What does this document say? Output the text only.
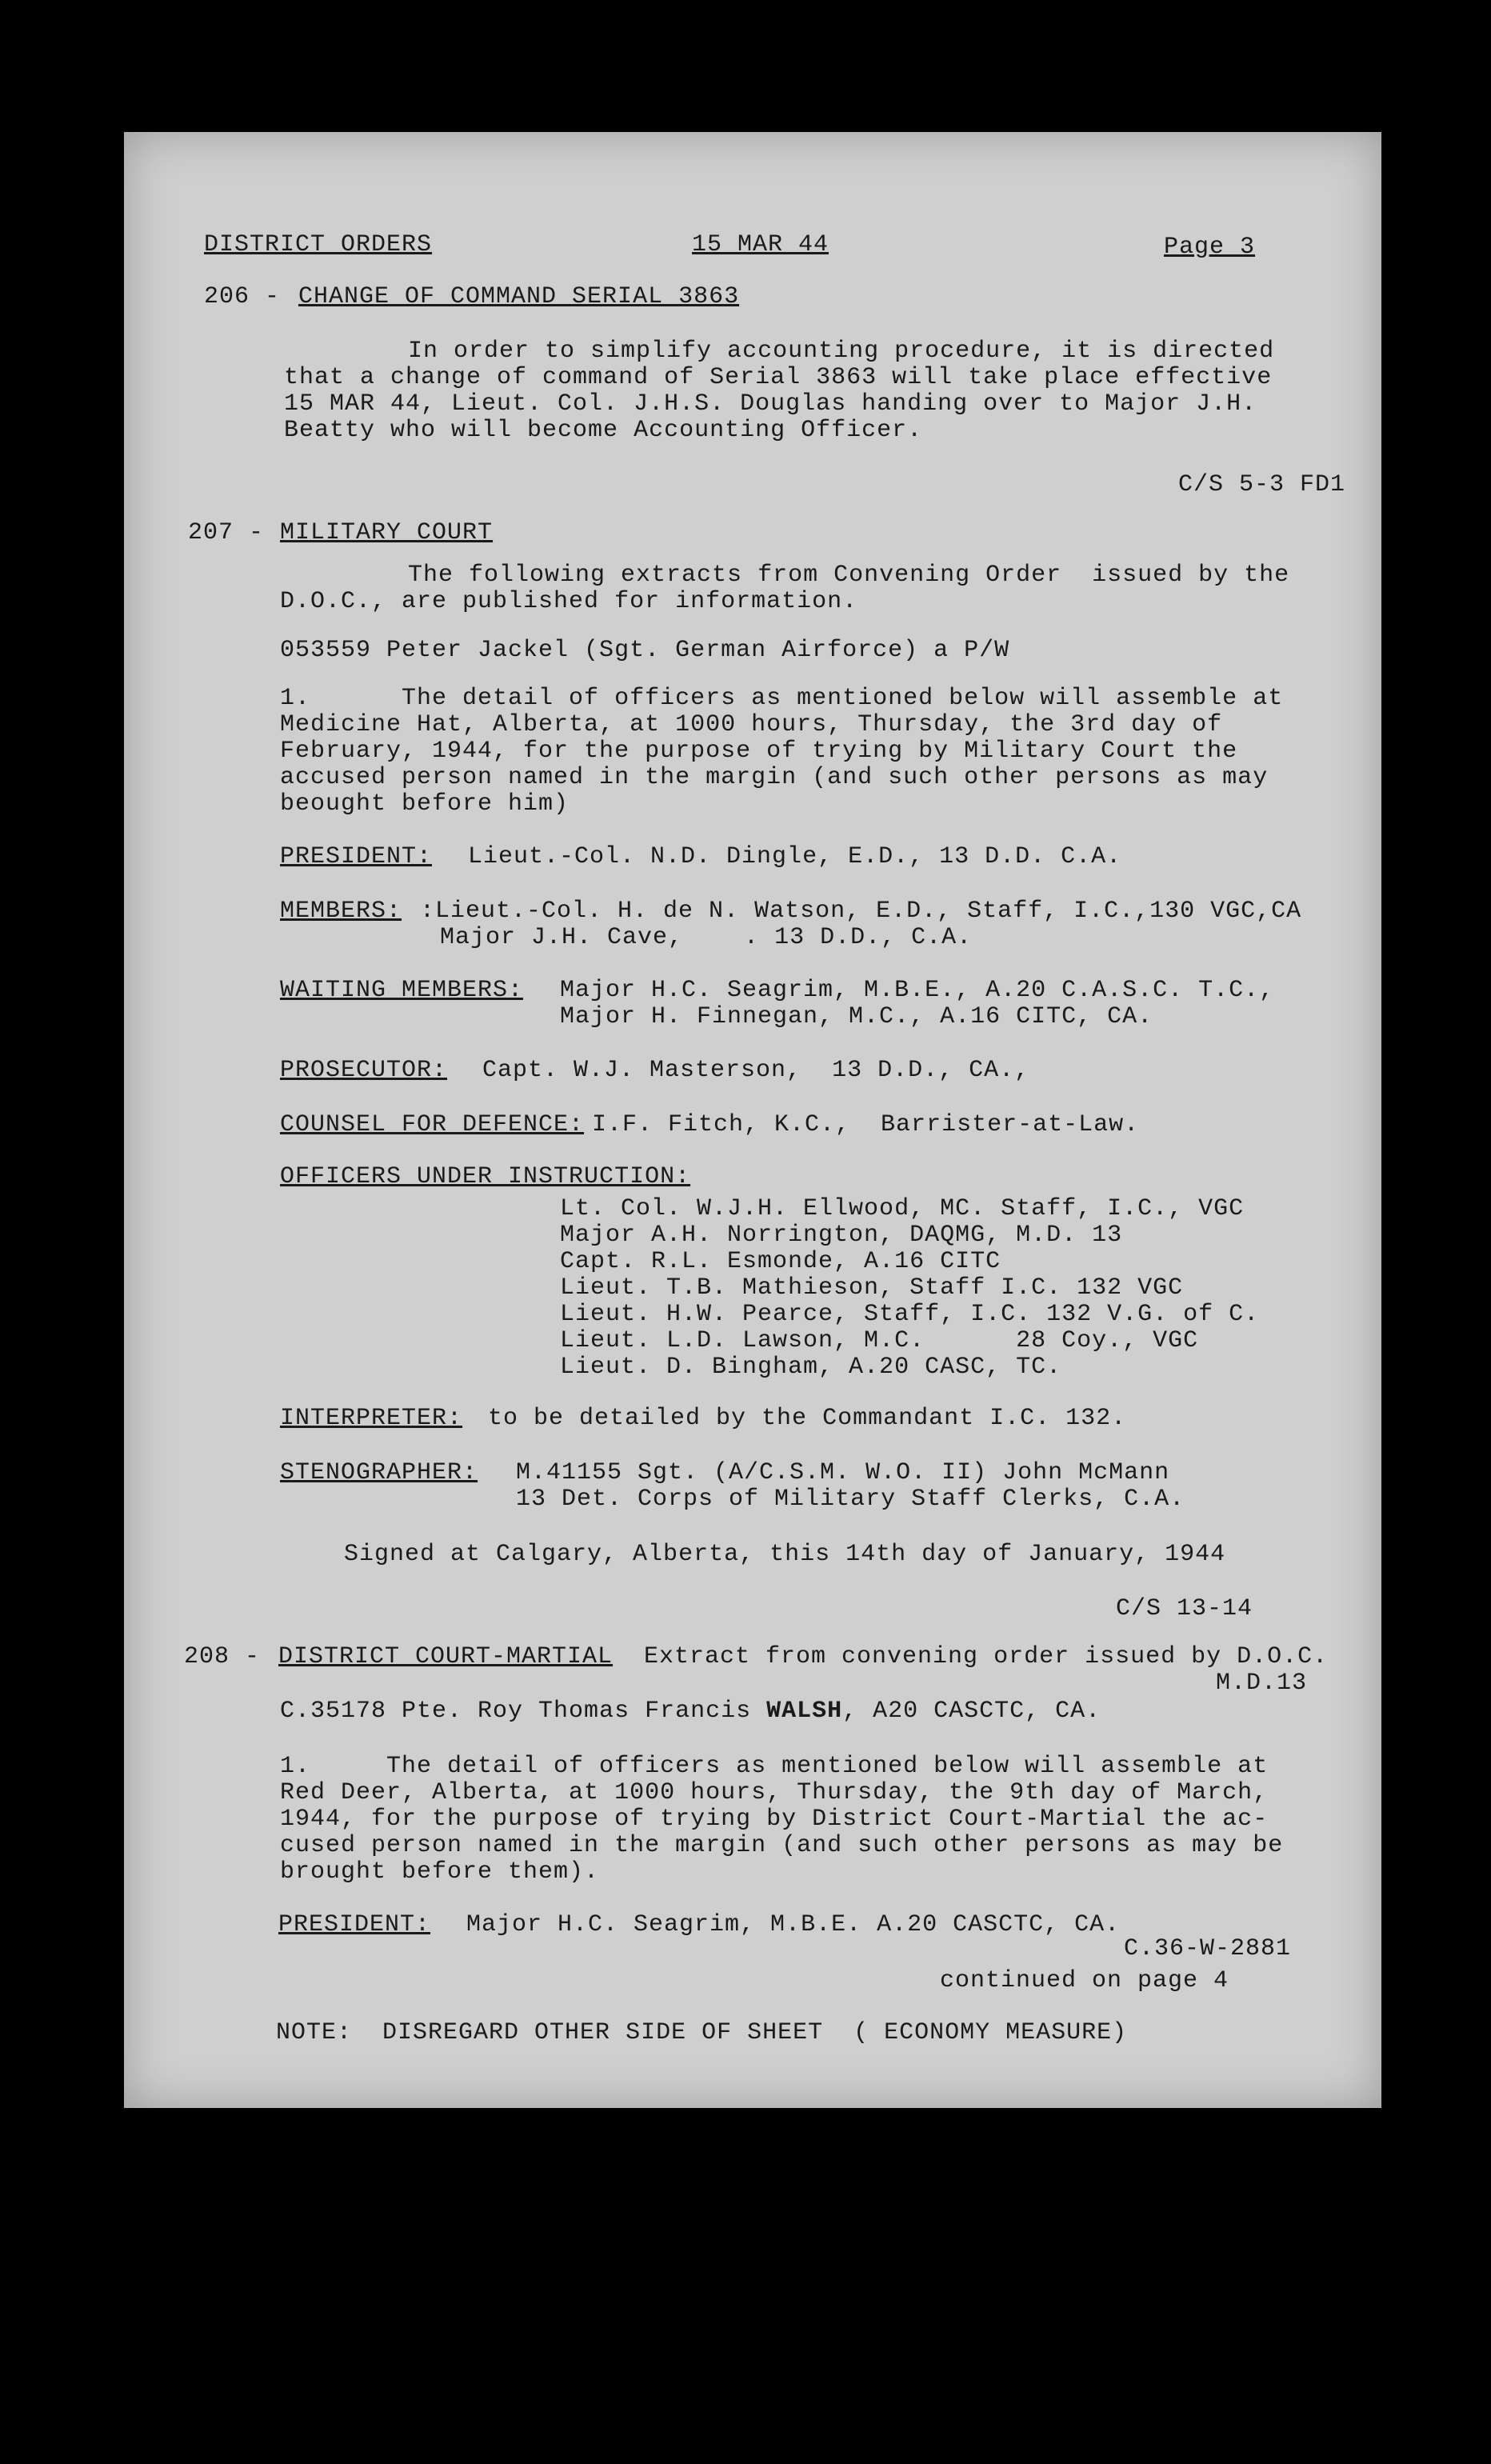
DISTRICT ORDERS	15 MAR 44	Page 3
206 - CHANGE OF COMMAND SERIAL 3863
In order to simplify accounting procedure, it is directed
that a change of command of Serial 3863 will take place effective
15 MAR 44, Lieut. Col. J.H.S. Douglas handing over to Major J.H.
Beatty who will become Accounting Officer.
C/S 5-3 FD1
207 - MILITARY COURT
The following extracts from Convening Order  issued by the
D.O.C., are published for information.
053559 Peter Jackel (Sgt. German Airforce) a P/W
1.      The detail of officers as mentioned below will assemble at
Medicine Hat, Alberta, at 1000 hours, Thursday, the 3rd day of
February, 1944, for the purpose of trying by Military Court the
accused person named in the margin (and such other persons as may
beought before him)
PRESIDENT: Lieut.-Col. N.D. Dingle, E.D., 13 D.D. C.A.
MEMBERS: :Lieut.-Col. H. de N. Watson, E.D., Staff, I.C.,130 VGC,CA
Major J.H. Cave,    . 13 D.D., C.A.
WAITING MEMBERS: Major H.C. Seagrim, M.B.E., A.20 C.A.S.C. T.C.,
Major H. Finnegan, M.C., A.16 CITC, CA.
PROSECUTOR: Capt. W.J. Masterson,  13 D.D., CA.,
COUNSEL FOR DEFENCE: I.F. Fitch, K.C.,  Barrister-at-Law.
OFFICERS UNDER INSTRUCTION:
Lt. Col. W.J.H. Ellwood, MC. Staff, I.C., VGC
Major A.H. Norrington, DAQMG, M.D. 13
Capt. R.L. Esmonde, A.16 CITC
Lieut. T.B. Mathieson, Staff I.C. 132 VGC
Lieut. H.W. Pearce, Staff, I.C. 132 V.G. of C.
Lieut. L.D. Lawson, M.C.      28 Coy., VGC
Lieut. D. Bingham, A.20 CASC, TC.
INTERPRETER: to be detailed by the Commandant I.C. 132.
STENOGRAPHER: M.41155 Sgt. (A/C.S.M. W.O. II) John McMann
13 Det. Corps of Military Staff Clerks, C.A.
Signed at Calgary, Alberta, this 14th day of January, 1944
C/S 13-14
208 - DISTRICT COURT-MARTIAL Extract from convening order issued by D.O.C.
M.D.13
C.35178 Pte. Roy Thomas Francis WALSH, A20 CASCTC, CA.
1.     The detail of officers as mentioned below will assemble at
Red Deer, Alberta, at 1000 hours, Thursday, the 9th day of March,
1944, for the purpose of trying by District Court-Martial the ac-
cused person named in the margin (and such other persons as may be
brought before them).
PRESIDENT: Major H.C. Seagrim, M.B.E. A.20 CASCTC, CA.
C.36-W-2881
continued on page 4
NOTE:  DISREGARD OTHER SIDE OF SHEET  ( ECONOMY MEASURE)
